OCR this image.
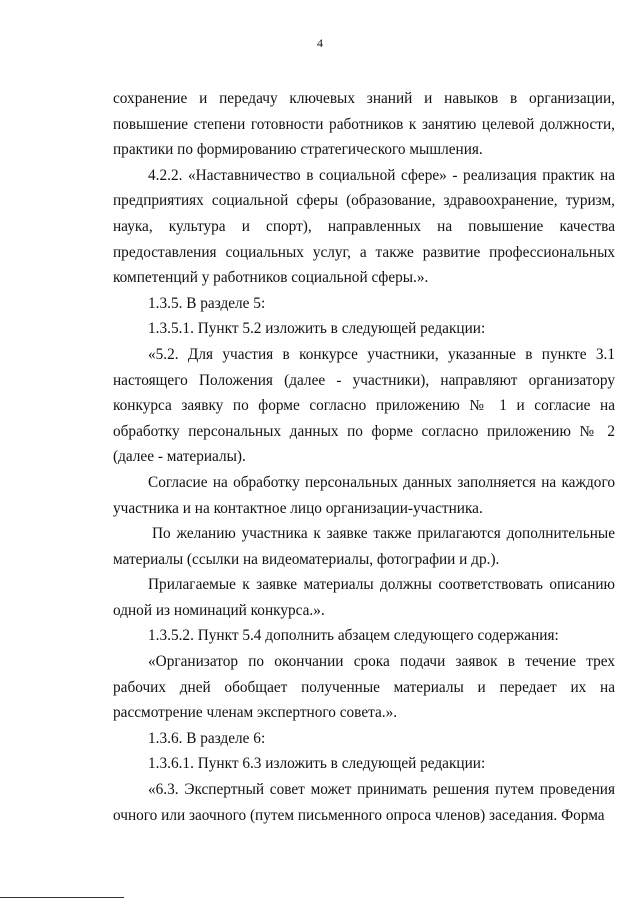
4

сохранение и передачу ключевых знаний и навыков в организации, повышение степени готовности работников к занятию целевой должности, практики по формированию стратегического мышления.

4.2.2. «Наставничество в социальной сфере» - реализация практик на предприятиях социальной сферы (образование, здравоохранение, туризм, наука, культура и спорт), направленных на повышение качества предоставления социальных услуг, а также развитие профессиональных компетенций у работников социальной сферы.».

1.3.5. В разделе 5:

1.3.5.1. Пункт 5.2 изложить в следующей редакции:

«5.2. Для участия в конкурсе участники, указанные в пункте 3.1 настоящего Положения (далее - участники), направляют организатору конкурса заявку по форме согласно приложению № 1 и согласие на обработку персональных данных по форме согласно приложению № 2 (далее - материалы).

Согласие на обработку персональных данных заполняется на каждого участника и на контактное лицо организации-участника.

По желанию участника к заявке также прилагаются дополнительные материалы (ссылки на видеоматериалы, фотографии и др.).

Прилагаемые к заявке материалы должны соответствовать описанию одной из номинаций конкурса.».

1.3.5.2. Пункт 5.4 дополнить абзацем следующего содержания:

«Организатор по окончании срока подачи заявок в течение трех рабочих дней обобщает полученные материалы и передает их на рассмотрение членам экспертного совета.».

1.3.6. В разделе 6:

1.3.6.1. Пункт 6.3 изложить в следующей редакции:

«6.3. Экспертный совет может принимать решения путем проведения очного или заочного (путем письменного опроса членов) заседания. Форма
